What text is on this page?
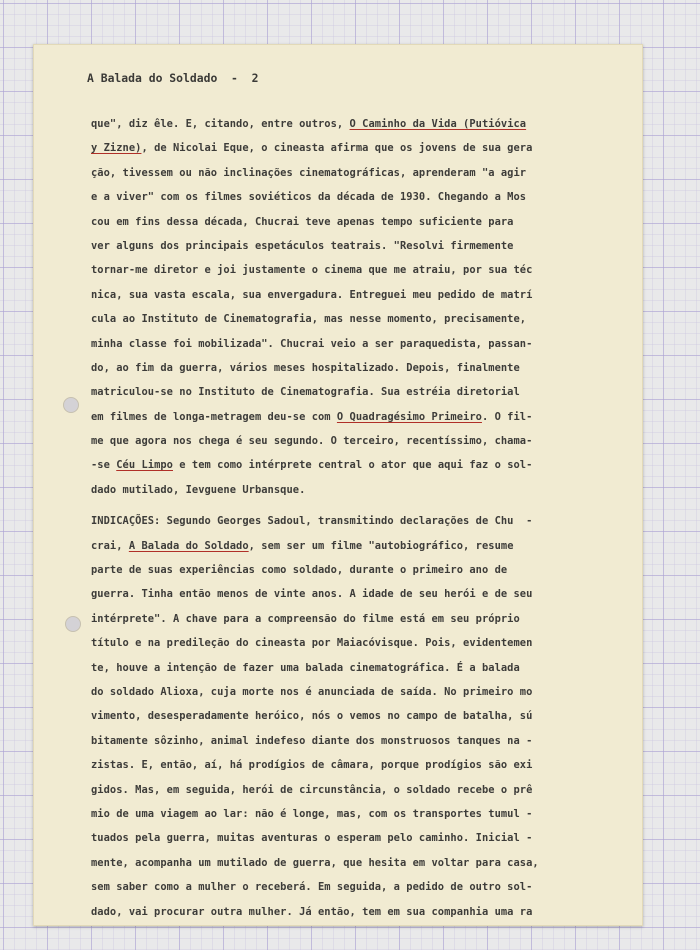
A Balada do Soldado  -  2
que", diz êle. E, citando, entre outros, O Caminho da Vida (Putióvica
y Zizne), de Nicolai Eque, o cineasta afirma que os jovens de sua gera
ção, tivessem ou não inclinações cinematográficas, aprenderam "a agir
e a viver" com os filmes soviéticos da década de 1930. Chegando a Mos
cou em fins dessa década, Chucrai teve apenas tempo suficiente para
ver alguns dos principais espetáculos teatrais. "Resolvi firmemente
tornar-me diretor e joi justamente o cinema que me atraiu, por sua téc
nica, sua vasta escala, sua envergadura. Entreguei meu pedido de matrí
cula ao Instituto de Cinematografia, mas nesse momento, precisamente,
minha classe foi mobilizada". Chucrai veio a ser paraquedista, passan-
do, ao fim da guerra, vários meses hospitalizado. Depois, finalmente
matriculou-se no Instituto de Cinematografia. Sua estréia diretorial
em filmes de longa-metragem deu-se com O Quadragésimo Primeiro. O fil-
me que agora nos chega é seu segundo. O terceiro, recentíssimo, chama-
-se Céu Limpo e tem como intérprete central o ator que aqui faz o sol-
dado mutilado, Ievguene Urbansque.
INDICAÇÕES: Segundo Georges Sadoul, transmitindo declarações de Chu  -
crai, A Balada do Soldado, sem ser um filme "autobiográfico, resume
parte de suas experiências como soldado, durante o primeiro ano de
guerra. Tinha então menos de vinte anos. A idade de seu herói e de seu
intérprete". A chave para a compreensão do filme está em seu próprio
título e na predileção do cineasta por Maiacóvisque. Pois, evidentemen
te, houve a intenção de fazer uma balada cinematográfica. É a balada
do soldado Alioxa, cuja morte nos é anunciada de saída. No primeiro mo
vimento, desesperadamente heróico, nós o vemos no campo de batalha, sú
bitamente sôzinho, animal indefeso diante dos monstruosos tanques na -
zistas. E, então, aí, há prodígios de câmara, porque prodígios são exi
gidos. Mas, em seguida, herói de circunstância, o soldado recebe o prê
mio de uma viagem ao lar: não é longe, mas, com os transportes tumul -
tuados pela guerra, muitas aventuras o esperam pelo caminho. Inicial -
mente, acompanha um mutilado de guerra, que hesita em voltar para casa,
sem saber como a mulher o receberá. Em seguida, a pedido de outro sol-
dado, vai procurar outra mulher. Já então, tem em sua companhia uma ra
